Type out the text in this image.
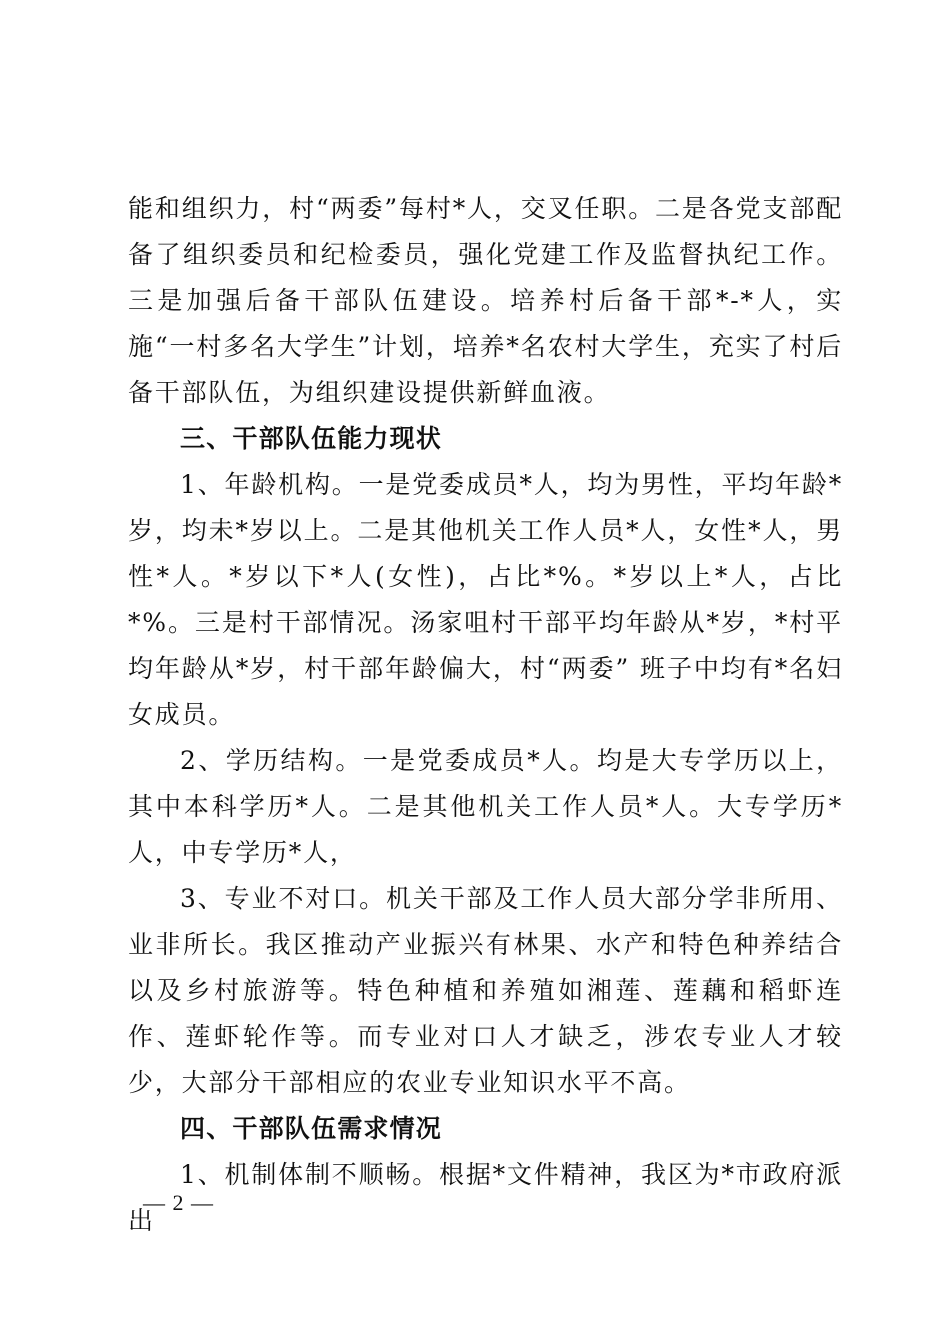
能和组织力，村“两委”每村*人，交叉任职。二是各党支部配备了组织委员和纪检委员，强化党建工作及监督执纪工作。三是加强后备干部队伍建设。培养村后备干部*-*人，实施“一村多名大学生”计划，培养*名农村大学生，充实了村后备干部队伍，为组织建设提供新鲜血液。

三、干部队伍能力现状

1、年龄机构。一是党委成员*人，均为男性，平均年龄*岁，均未*岁以上。二是其他机关工作人员*人，女性*人，男性*人。*岁以下*人(女性)，占比*%。*岁以上*人，占比*%。三是村干部情况。汤家咀村干部平均年龄从*岁，*村平均年龄从*岁，村干部年龄偏大，村“两委” 班子中均有*名妇女成员。

2、学历结构。一是党委成员*人。均是大专学历以上，其中本科学历*人。二是其他机关工作人员*人。大专学历*人，中专学历*人，

3、专业不对口。机关干部及工作人员大部分学非所用、业非所长。我区推动产业振兴有林果、水产和特色种养结合以及乡村旅游等。特色种植和养殖如湘莲、莲藕和稻虾连作、莲虾轮作等。而专业对口人才缺乏，涉农专业人才较少，大部分干部相应的农业专业知识水平不高。

四、干部队伍需求情况

1、机制体制不顺畅。根据*文件精神，我区为*市政府派出

— 2 —
